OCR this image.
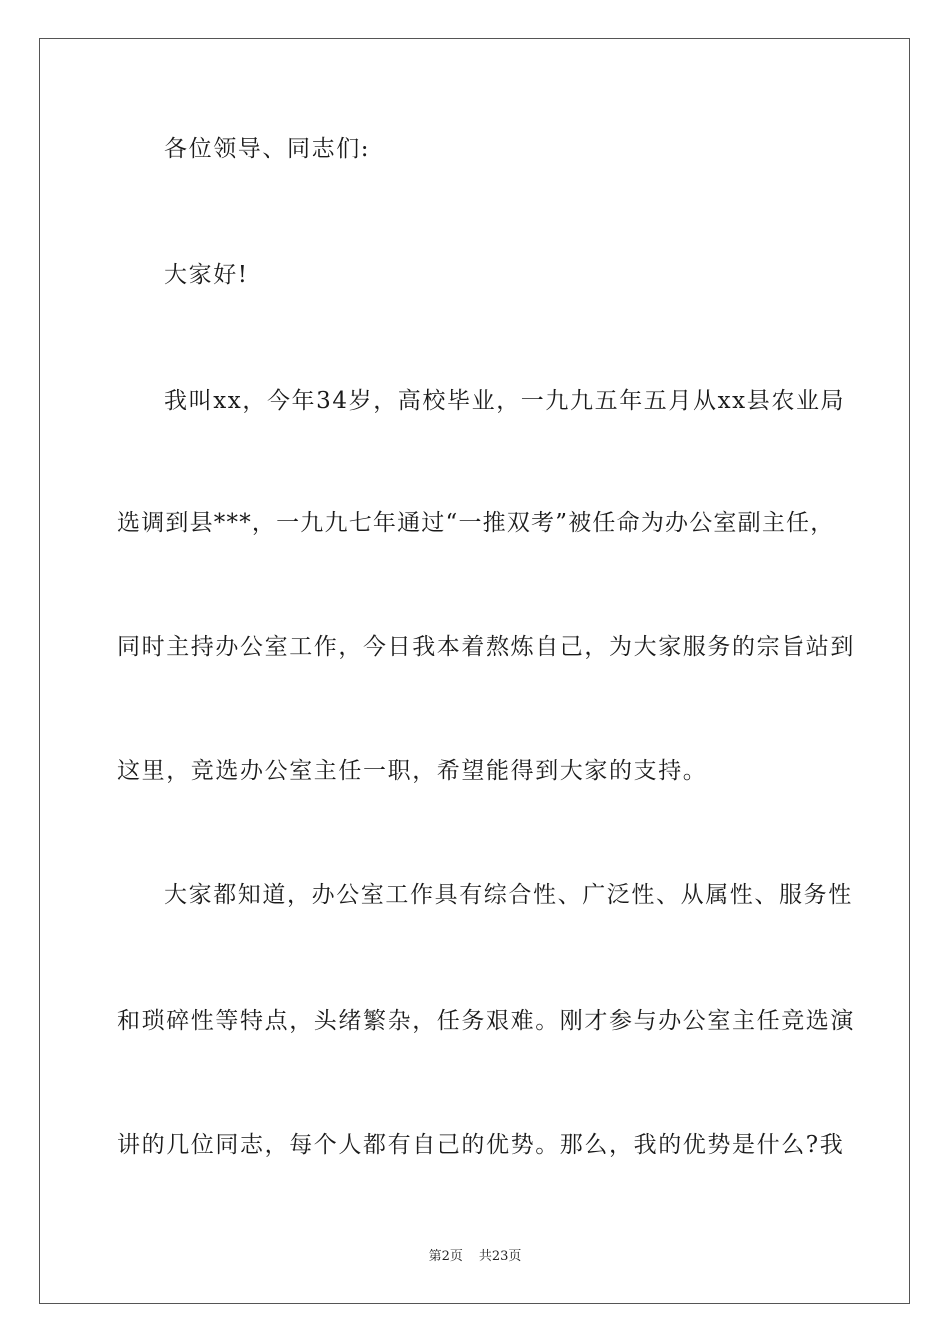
各位领导、同志们:

大家好!

我叫xx，今年34岁，高校毕业，一九九五年五月从xx县农业局

选调到县***，一九九七年通过“一推双考”被任命为办公室副主任，

同时主持办公室工作，今日我本着熬炼自己，为大家服务的宗旨站到

这里，竞选办公室主任一职，希望能得到大家的支持。

大家都知道，办公室工作具有综合性、广泛性、从属性、服务性

和琐碎性等特点，头绪繁杂，任务艰难。刚才参与办公室主任竞选演

讲的几位同志，每个人都有自己的优势。那么，我的优势是什么?我

第2页 共23页
